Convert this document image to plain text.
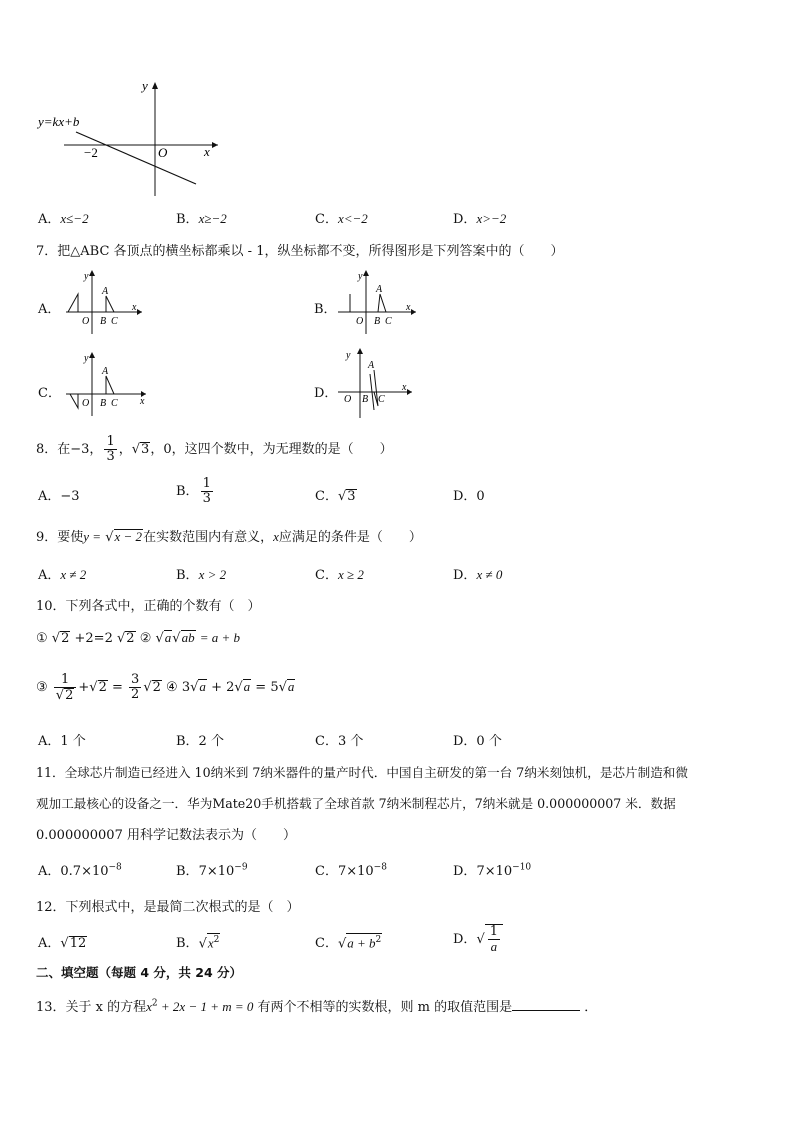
y=kx+b
y
x
O
−2
A．x≤−2	B．x≥−2	C．x<−2	D．x>−2
7．把△ABC 各顶点的横坐标都乘以 - 1，纵坐标都不变，所得图形是下列答案中的（　　）
A．
y
x
O
A
B C
B．
y
x
O
A
B C
C．
y
x
O
A
B C
D．
y
x
O
A
B C
8．在−3， $\frac{1}{3}$ ，√3，0，这四个数中，为无理数的是（　　）
A．−3	B． $\frac{1}{3}$	C．√3	D．0
9．要使y = √x − 2在实数范围内有意义，x应满足的条件是（　　）
A．x ≠ 2	B．x > 2	C．x ≥ 2	D．x ≠ 0
10．下列各式中，正确的个数有（　）
① √2 +2=2 √2 ② √a√ab = a + b
③ $\frac{1}{√2} +√2 = \frac{3}{2} √2$ ④ 3√a + 2√a = 5√a
A．1 个	B．2 个	C．3 个	D．0 个
11．全球芯片制造已经进入 10纳米到 7纳米器件的量产时代．中国自主研发的第一台 7纳米刻蚀机，是芯片制造和微
观加工最核心的设备之一．华为Mate20手机搭载了全球首款 7纳米制程芯片，7纳米就是 0.000000007 米．数据
0.000000007 用科学记数法表示为（　　）
A．$0.7\times 10^{-8}$	B．$7\times 10^{-9}$	C．$7\times 10^{-8}$	D．$7\times 10^{-10}$
12．下列根式中，是最简二次根式的是（　）
A．√12	B．$√x^2$	C．$√a + b^2$	D．√ $\frac{1}{a}$
二、填空题（每题 4 分，共 24 分）
13．关于 x 的方程$x^2 + 2x - 1 + m = 0$ 有两个不相等的实数根，则 m 的取值范围是	．
